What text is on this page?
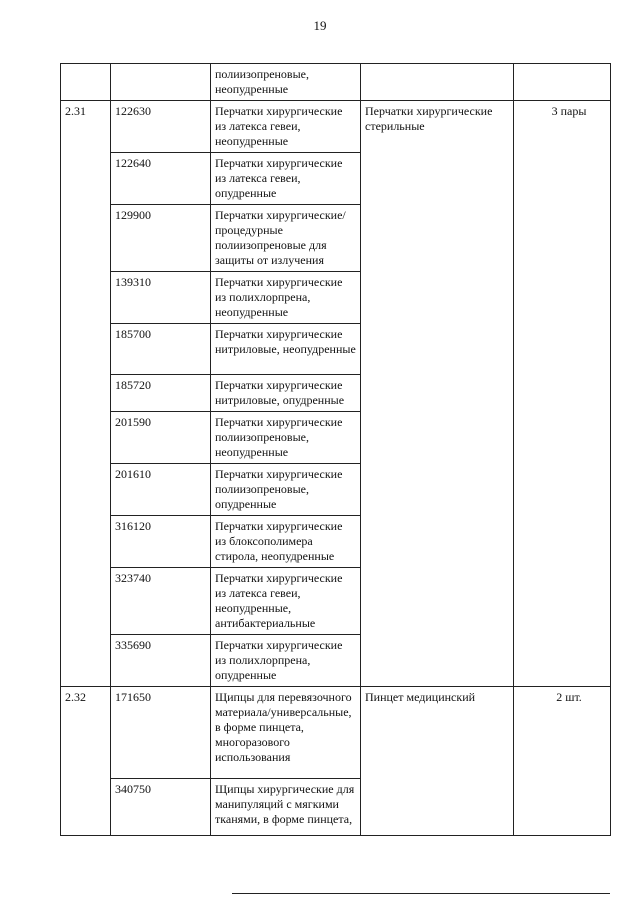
19
		полиизопреновые, неопудренные		
2.31	122630	Перчатки хирургические из латекса гевеи, неопудренные	Перчатки хирургические стерильные	3 пары
	122640	Перчатки хирургические из латекса гевеи, опудренные		
	129900	Перчатки хирургические/процедурные полиизопреновые для защиты от излучения		
	139310	Перчатки хирургические из полихлорпрена, неопудренные		
	185700	Перчатки хирургические нитриловые, неопудренные		
	185720	Перчатки хирургические нитриловые, опудренные		
	201590	Перчатки хирургические полиизопреновые, неопудренные		
	201610	Перчатки хирургические полиизопреновые, опудренные		
	316120	Перчатки хирургические из блоксополимера стирола, неопудренные		
	323740	Перчатки хирургические из латекса гевеи, неопудренные, антибактериальные		
	335690	Перчатки хирургические из полихлорпрена, опудренные		
2.32	171650	Щипцы для перевязочного материала/универсальные, в форме пинцета, многоразового использования	Пинцет медицинский	2 шт.
	340750	Щипцы хирургические для манипуляций с мягкими тканями, в форме пинцета,		
